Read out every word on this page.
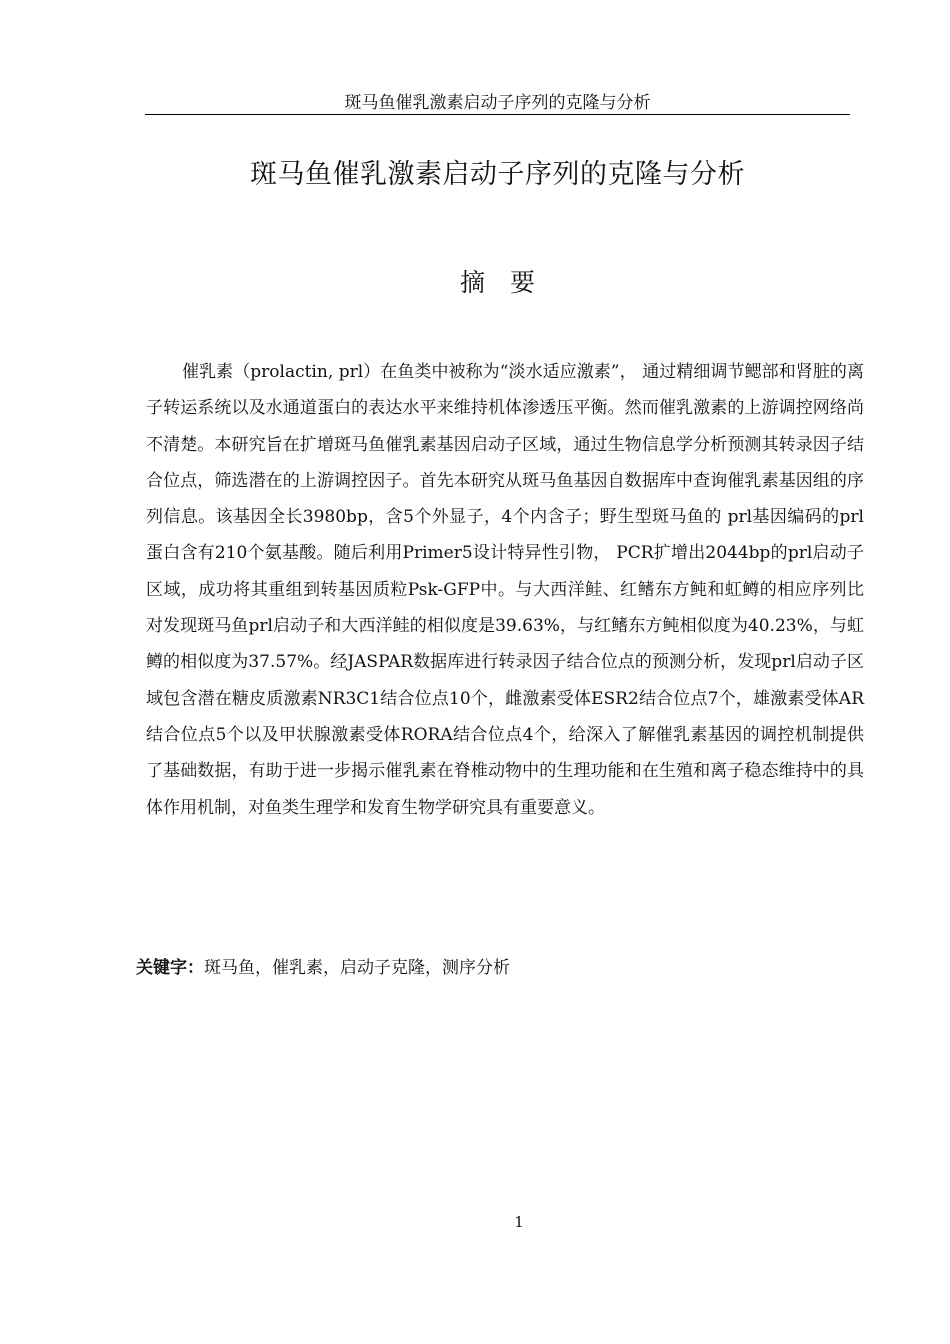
斑马鱼催乳激素启动子序列的克隆与分析
斑马鱼催乳激素启动子序列的克隆与分析
摘　要

催乳素（prolactin, prl）在鱼类中被称为“淡水适应激素”， 通过精细调节鳃部和肾脏的离子转运系统以及水通道蛋白的表达水平来维持机体渗透压平衡。然而催乳激素的上游调控网络尚不清楚。本研究旨在扩增斑马鱼催乳素基因启动子区域，通过生物信息学分析预测其转录因子结合位点，筛选潜在的上游调控因子。首先本研究从斑马鱼基因自数据库中查询催乳素基因组的序列信息。该基因全长3980bp，含5个外显子，4个内含子；野生型斑马鱼的 prl基因编码的prl蛋白含有210个氨基酸。随后利用Primer5设计特异性引物， PCR扩增出2044bp的prl启动子区域，成功将其重组到转基因质粒Psk-GFP中。与大西洋鲑、红鳍东方鲀和虹鳟的相应序列比对发现斑马鱼prl启动子和大西洋鲑的相似度是39.63%，与红鳍东方鲀相似度为40.23%，与虹鳟的相似度为37.57%。经JASPAR数据库进行转录因子结合位点的预测分析，发现prl启动子区域包含潜在糖皮质激素NR3C1结合位点10个，雌激素受体ESR2结合位点7个，雄激素受体AR结合位点5个以及甲状腺激素受体RORA结合位点4个，给深入了解催乳素基因的调控机制提供了基础数据，有助于进一步揭示催乳素在脊椎动物中的生理功能和在生殖和离子稳态维持中的具体作用机制，对鱼类生理学和发育生物学研究具有重要意义。

关键字：斑马鱼，催乳素，启动子克隆，测序分析
1
